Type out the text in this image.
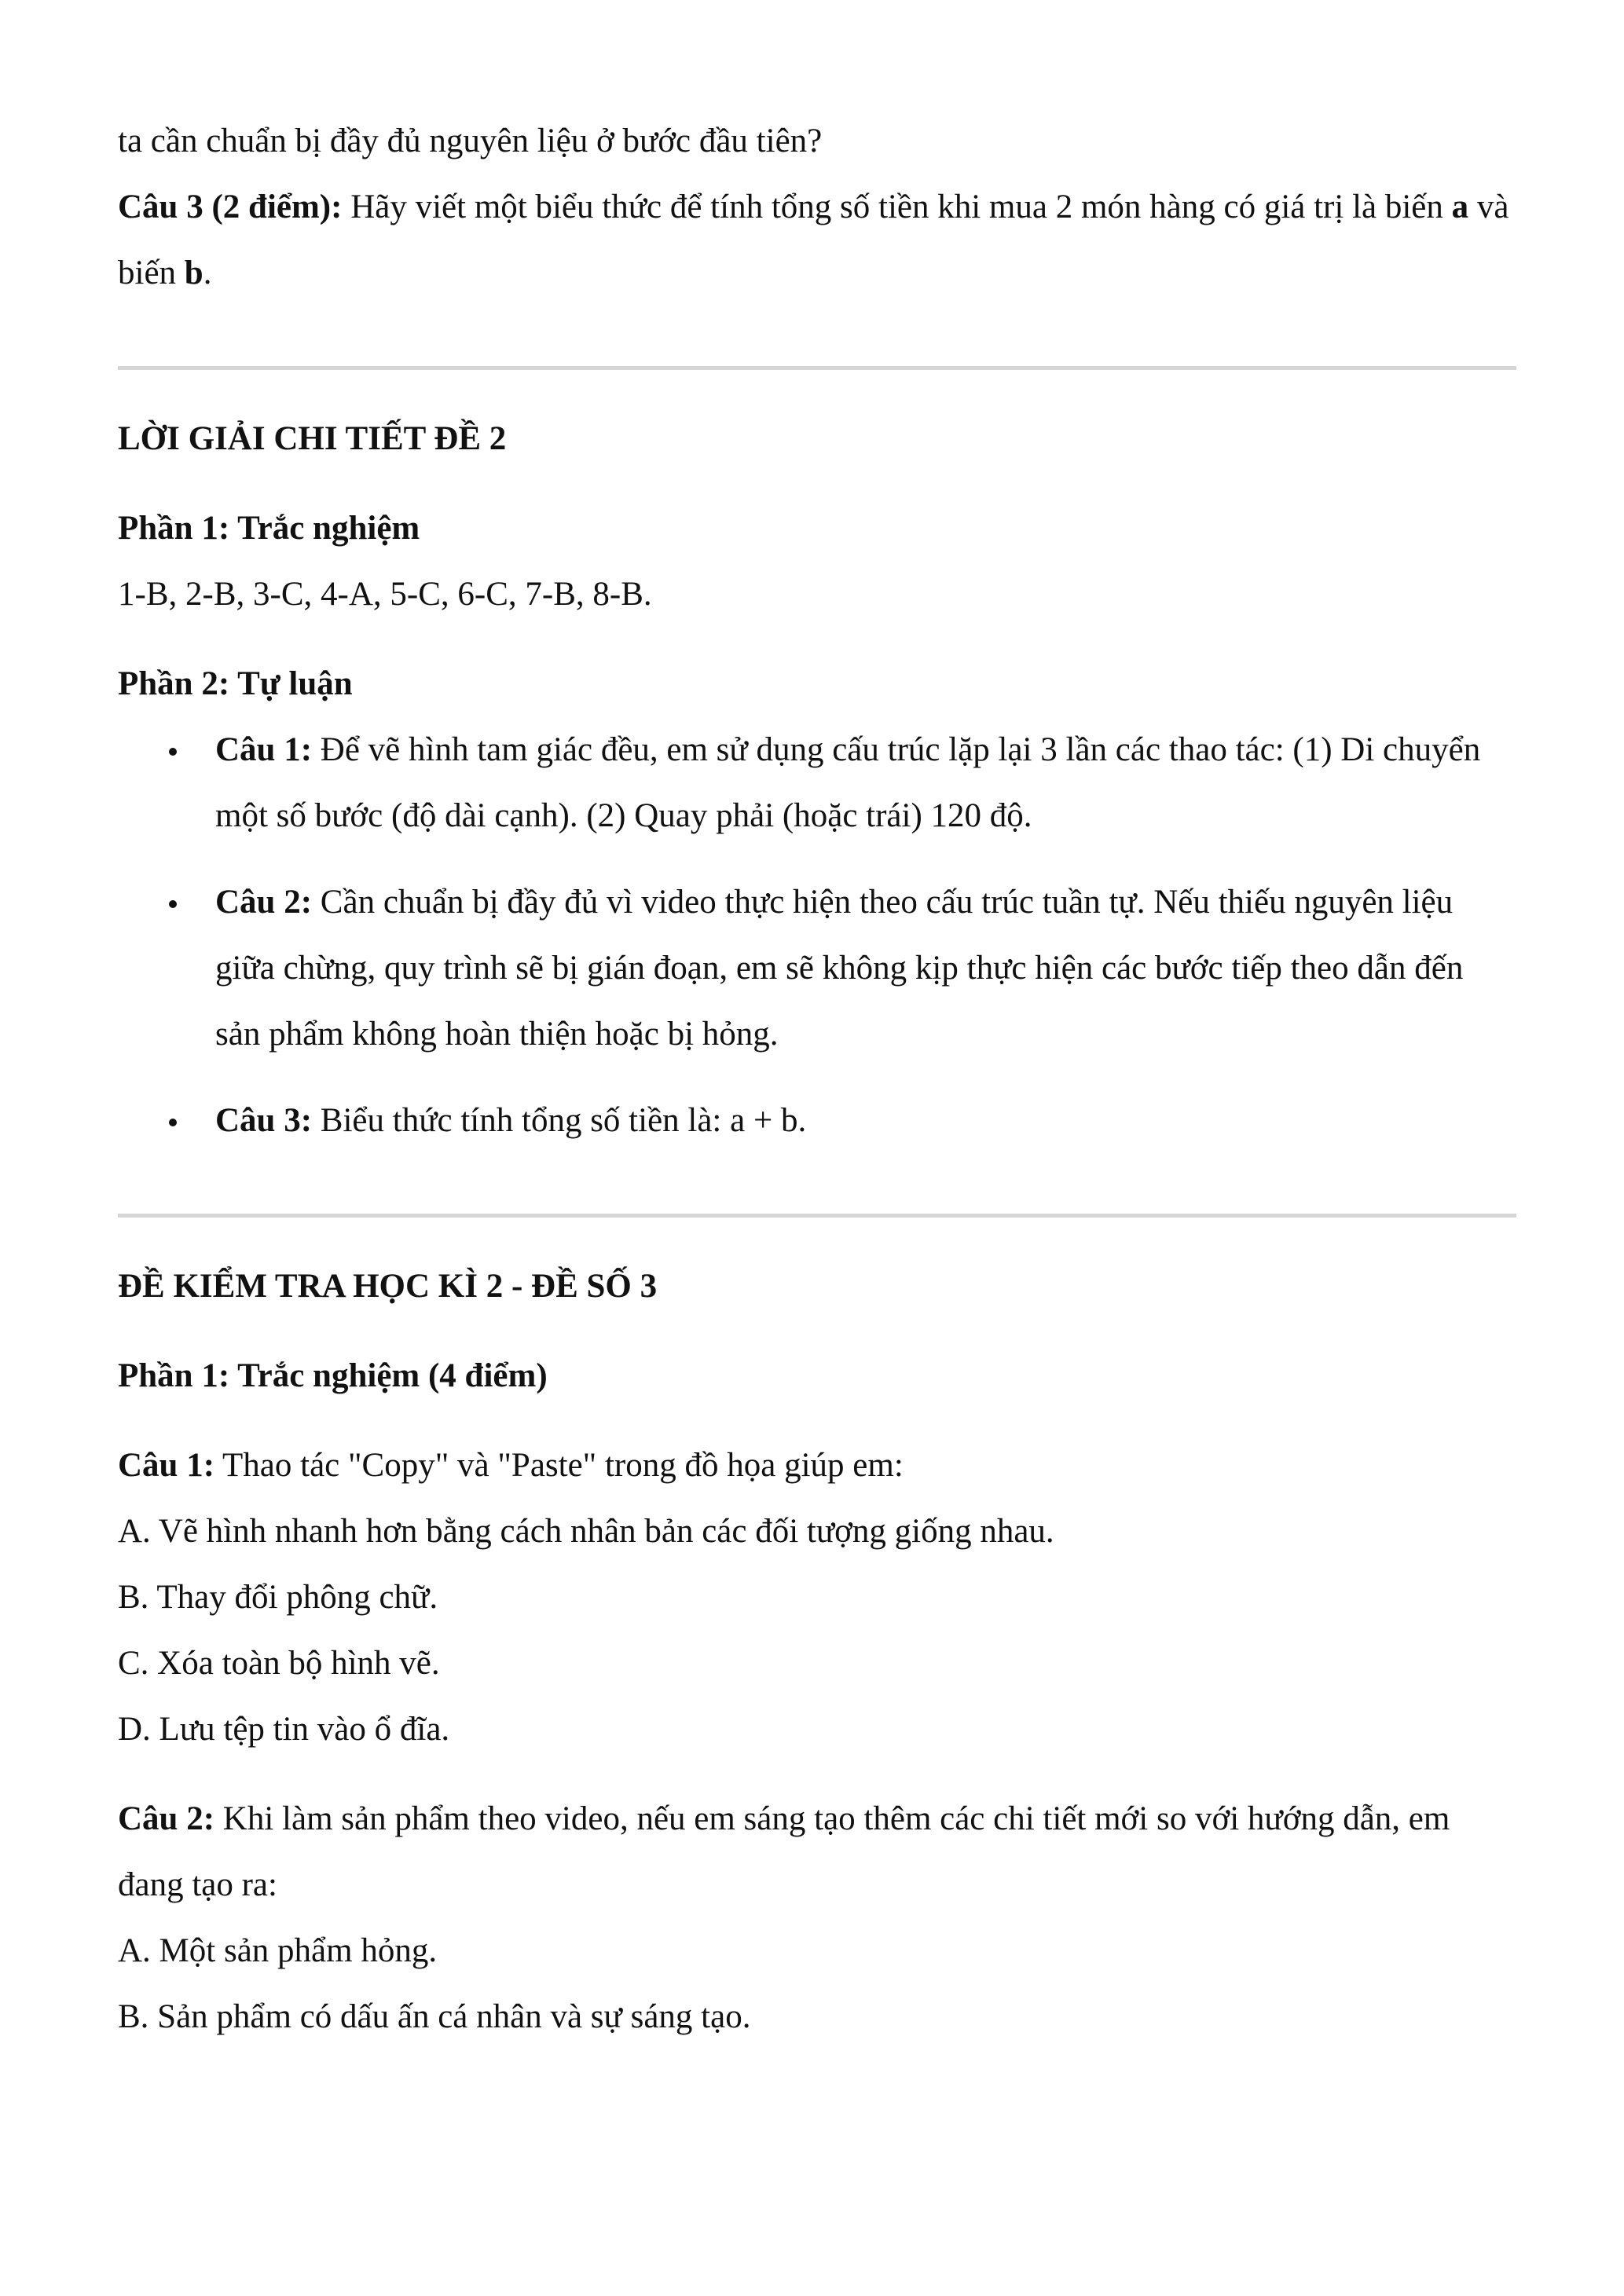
ta cần chuẩn bị đầy đủ nguyên liệu ở bước đầu tiên?

Câu 3 (2 điểm): Hãy viết một biểu thức để tính tổng số tiền khi mua 2 món hàng có giá trị là biến a và biến b.

LỜI GIẢI CHI TIẾT ĐỀ 2

Phần 1: Trắc nghiệm

1-B, 2-B, 3-C, 4-A, 5-C, 6-C, 7-B, 8-B.

Phần 2: Tự luận

Câu 1: Để vẽ hình tam giác đều, em sử dụng cấu trúc lặp lại 3 lần các thao tác: (1) Di chuyển một số bước (độ dài cạnh). (2) Quay phải (hoặc trái) 120 độ.
Câu 2: Cần chuẩn bị đầy đủ vì video thực hiện theo cấu trúc tuần tự. Nếu thiếu nguyên liệu giữa chừng, quy trình sẽ bị gián đoạn, em sẽ không kịp thực hiện các bước tiếp theo dẫn đến sản phẩm không hoàn thiện hoặc bị hỏng.
Câu 3: Biểu thức tính tổng số tiền là: a + b.

ĐỀ KIỂM TRA HỌC KÌ 2 - ĐỀ SỐ 3

Phần 1: Trắc nghiệm (4 điểm)

Câu 1: Thao tác "Copy" và "Paste" trong đồ họa giúp em:

A. Vẽ hình nhanh hơn bằng cách nhân bản các đối tượng giống nhau.

B. Thay đổi phông chữ.

C. Xóa toàn bộ hình vẽ.

D. Lưu tệp tin vào ổ đĩa.

Câu 2: Khi làm sản phẩm theo video, nếu em sáng tạo thêm các chi tiết mới so với hướng dẫn, em đang tạo ra:

A. Một sản phẩm hỏng.

B. Sản phẩm có dấu ấn cá nhân và sự sáng tạo.
